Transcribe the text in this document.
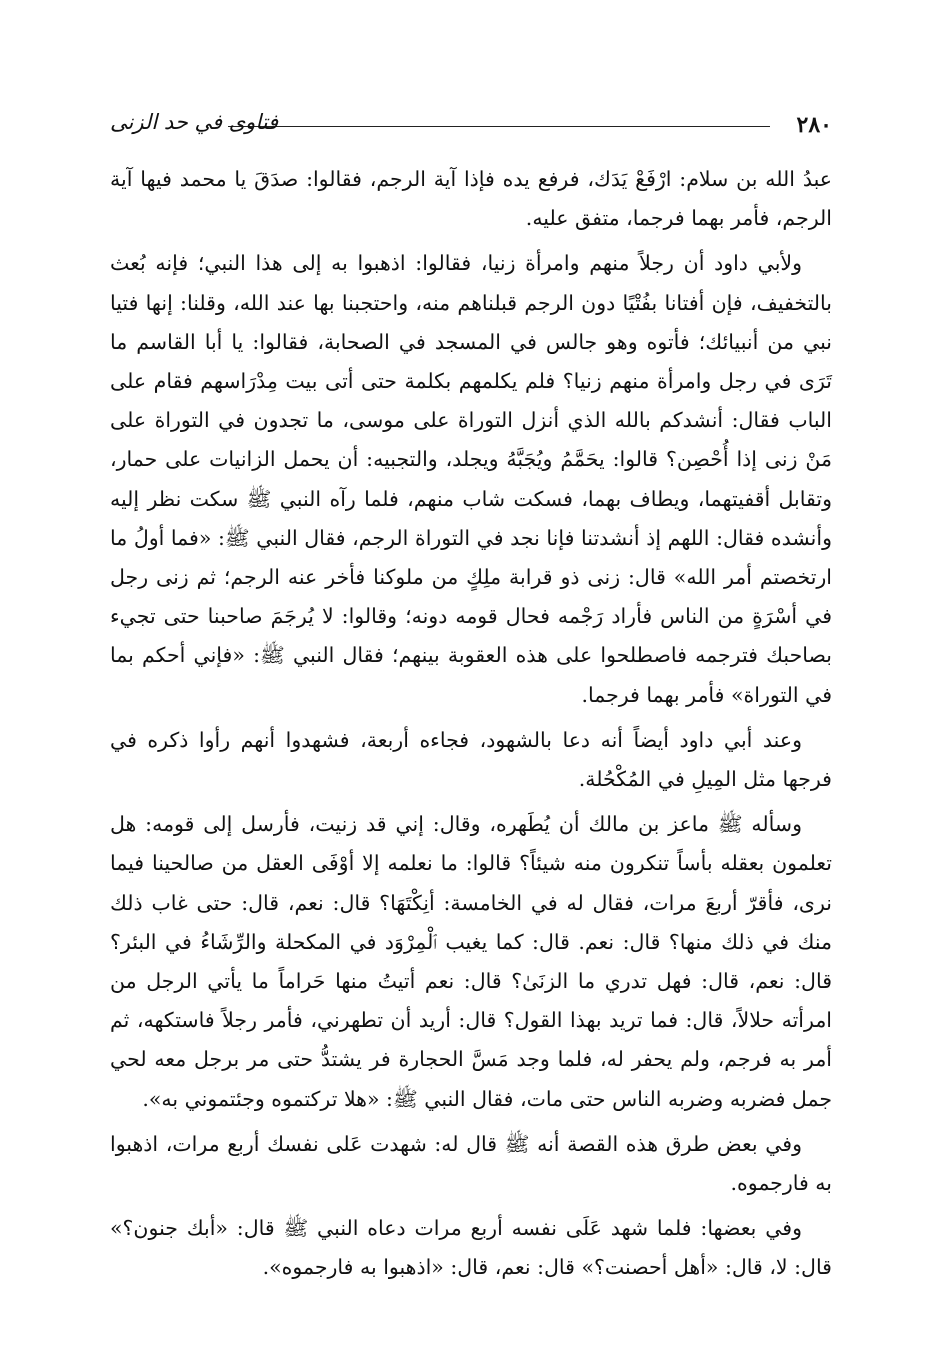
٢٨٠
فتاوى في حد الزنى

عبدُ الله بن سلام: ارْفَعْ يَدَك، فرفع يده فإذا آية الرجم، فقالوا: صدَقَ يا محمد فيها آية الرجم، فأمر بهما فرجما، متفق عليه.

ولأبي داود أن رجلاً منهم وامرأة زنيا، فقالوا: اذهبوا به إلى هذا النبي؛ فإنه بُعث بالتخفيف، فإن أفتانا بفُتْيًا دون الرجم قبلناهم منه، واحتجبنا بها عند الله، وقلنا: إنها فتيا نبي من أنبيائك؛ فأتوه وهو جالس في المسجد في الصحابة، فقالوا: يا أبا القاسم ما تَرَى في رجل وامرأة منهم زنيا؟ فلم يكلمهم بكلمة حتى أتى بيت مِدْرَاسهم فقام على الباب فقال: أنشدكم بالله الذي أنزل التوراة على موسى، ما تجدون في التوراة على مَنْ زنى إذا أُحْصِن؟ قالوا: يحَمَّمُ ويُجَبَّهُ ويجلد، والتجبيه: أن يحمل الزانيات على حمار، وتقابل أقفيتهما، ويطاف بهما، فسكت شاب منهم، فلما رآه النبي ﷺ سكت نظر إليه وأنشده فقال: اللهم إذ أنشدتنا فإنا نجد في التوراة الرجم، فقال النبي ﷺ: «فما أولُ ما ارتخصتم أمر الله» قال: زنى ذو قرابة ملِكٍ من ملوكنا فأخر عنه الرجم؛ ثم زنى رجل في أسْرَةٍ من الناس فأراد رَجْمه فحال قومه دونه؛ وقالوا: لا يُرجَمَ صاحبنا حتى تجيء بصاحبك فترجمه فاصطلحوا على هذه العقوبة بينهم؛ فقال النبي ﷺ: «فإني أحكم بما في التوراة» فأمر بهما فرجما.

وعند أبي داود أيضاً أنه دعا بالشهود، فجاءه أربعة، فشهدوا أنهم رأوا ذكره في فرجها مثل المِيلِ في المُكْحُلة.

وسأله ﷺ ماعز بن مالك أن يُطَهره، وقال: إني قد زنيت، فأرسل إلى قومه: هل تعلمون بعقله بأساً تنكرون منه شيئاً؟ قالوا: ما نعلمه إلا أوْفَى العقل من صالحينا فيما نرى، فأقرّ أربعَ مرات، فقال له في الخامسة: أنِكْتَهَا؟ قال: نعم، قال: حتى غاب ذلك منك في ذلك منها؟ قال: نعم. قال: كما يغيب ٱلْمِرْوَد في المكحلة والرِّشَاءُ في البئر؟ قال: نعم، قال: فهل تدري ما الزنَىٰ؟ قال: نعم أتيتُ منها حَراماً ما يأتي الرجل من امرأته حلالاً، قال: فما تريد بهذا القول؟ قال: أريد أن تطهرني، فأمر رجلاً فاستكهه، ثم أمر به فرجم، ولم يحفر له، فلما وجد مَسَّ الحجارة فر يشتدُّ حتى مر برجل معه لحي جمل فضربه وضربه الناس حتى مات، فقال النبي ﷺ: «هلا تركتموه وجئتموني به».

وفي بعض طرق هذه القصة أنه ﷺ قال له: شهدت عَلى نفسك أربع مرات، اذهبوا به فارجموه.

وفي بعضها: فلما شهد عَلَى نفسه أربع مرات دعاه النبي ﷺ قال: «أبك جنون؟» قال: لا، قال: «أهل أحصنت؟» قال: نعم، قال: «اذهبوا به فارجموه».
